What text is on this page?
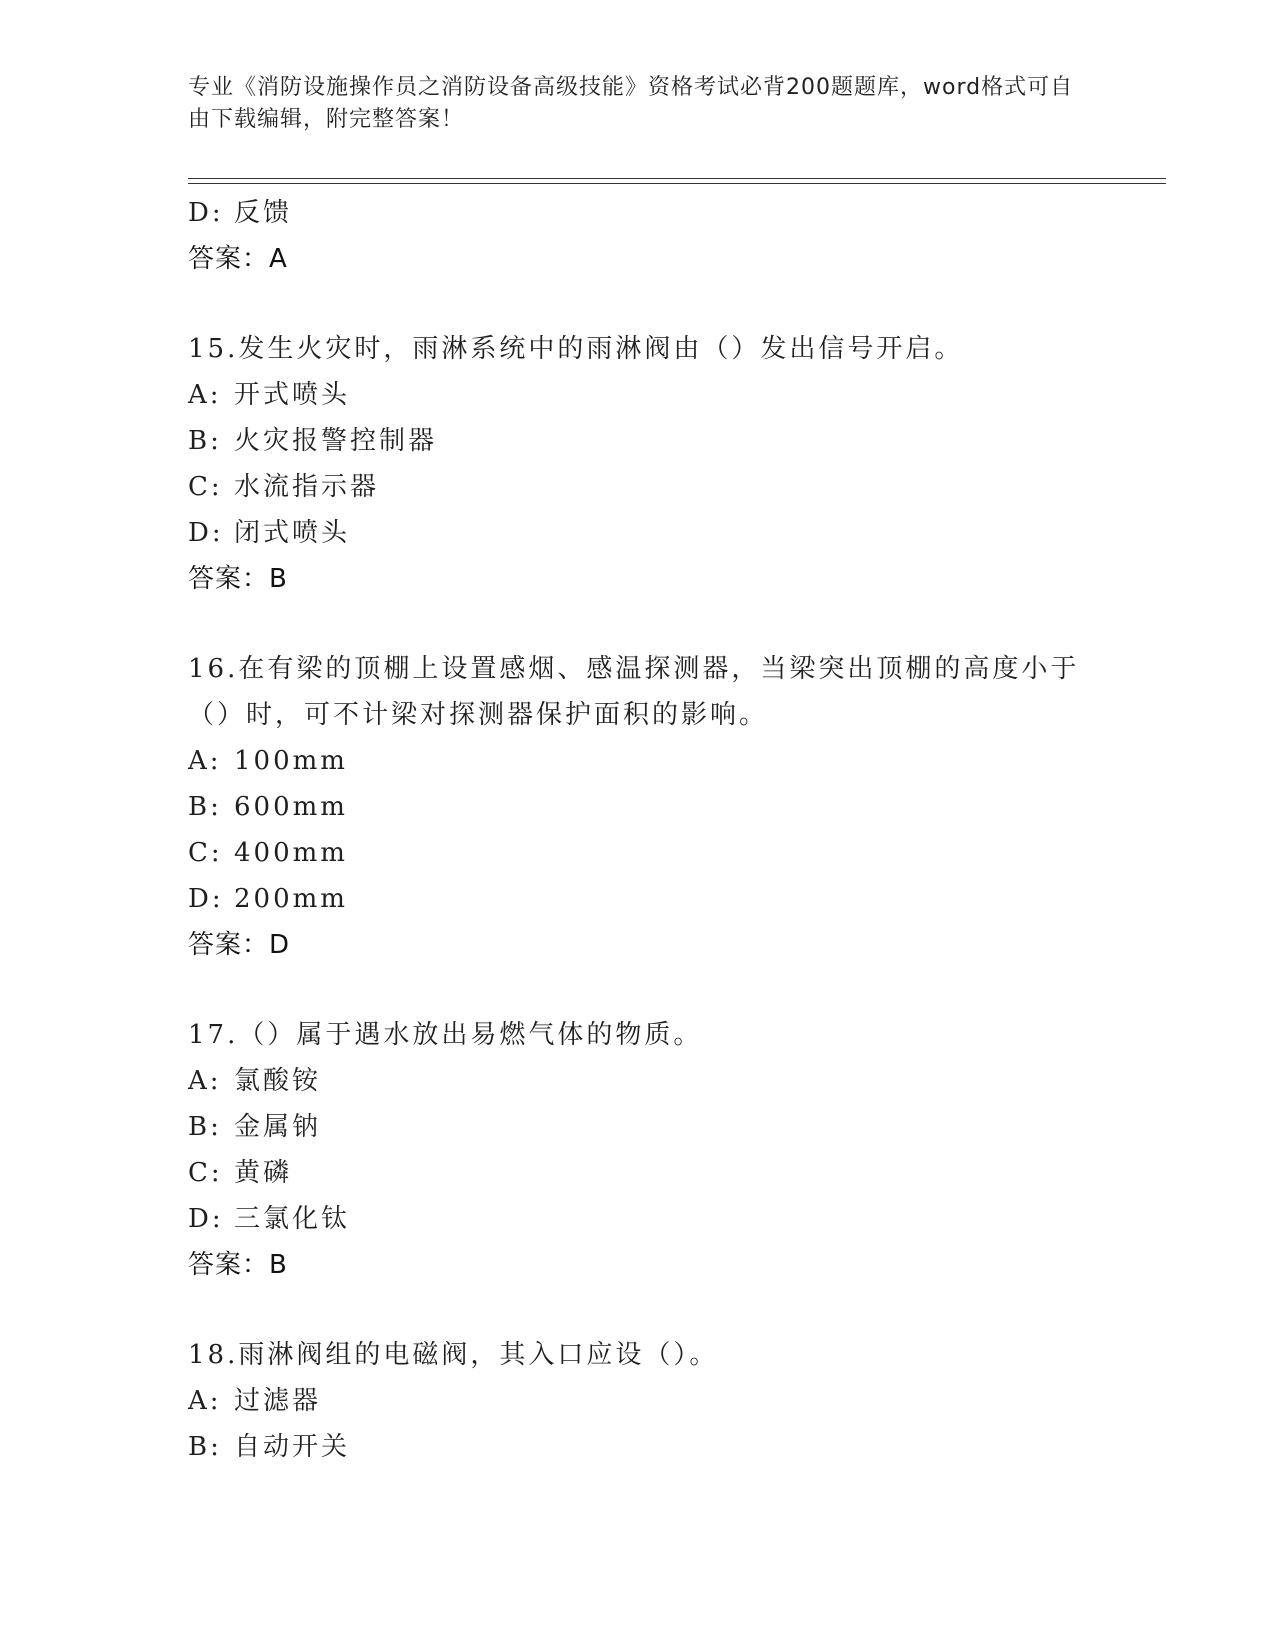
专业《消防设施操作员之消防设备高级技能》资格考试必背200题题库，word格式可自由下载编辑，附完整答案！
D: 反馈
答案：A
15.发生火灾时，雨淋系统中的雨淋阀由（）发出信号开启。
A: 开式喷头
B: 火灾报警控制器
C: 水流指示器
D: 闭式喷头
答案：B
16.在有梁的顶棚上设置感烟、感温探测器，当梁突出顶棚的高度小于
（）时，可不计梁对探测器保护面积的影响。
A: 100mm
B: 600mm
C: 400mm
D: 200mm
答案：D
17.（）属于遇水放出易燃气体的物质。
A: 氯酸铵
B: 金属钠
C: 黄磷
D: 三氯化钛
答案：B
18.雨淋阀组的电磁阀，其入口应设（）。
A: 过滤器
B: 自动开关
